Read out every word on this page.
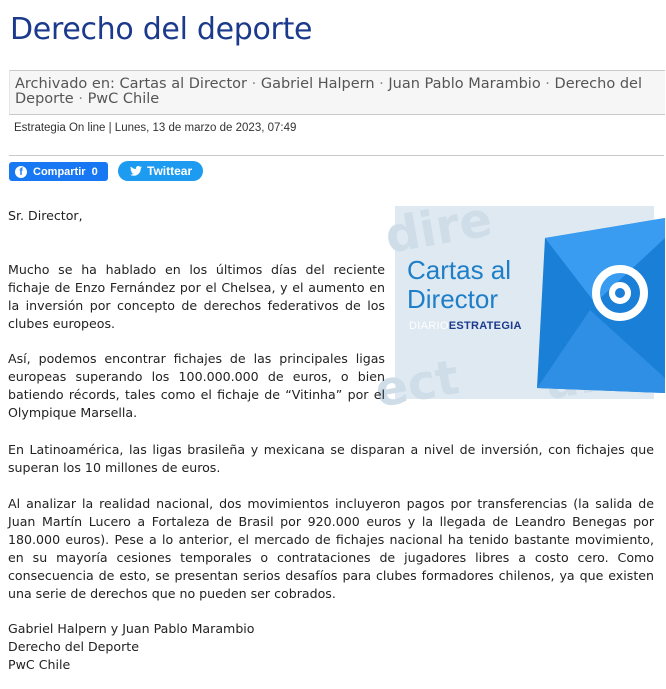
Derecho del deporte
Archivado en: Cartas al Director · Gabriel Halpern · Juan Pablo Marambio · Derecho del Deporte · PwC Chile
Estrategia On line | Lunes, 13 de marzo de 2023, 07:49
f Compartir 0	Twittear
dire
ect
Cartas al
Director
DIARIOESTRATEGIA

Sr. Director,

Mucho se ha hablado en los últimos días del reciente fichaje de Enzo Fernández por el Chelsea, y el aumento en la inversión por concepto de derechos federativos de los clubes europeos.

Así, podemos encontrar fichajes de las principales ligas europeas superando los 100.000.000 de euros, o bien batiendo récords, tales como el fichaje de “Vitinha” por el Olympique Marsella.

En Latinoamérica, las ligas brasileña y mexicana se disparan a nivel de inversión, con fichajes que superan los 10 millones de euros.

Al analizar la realidad nacional, dos movimientos incluyeron pagos por transferencias (la salida de Juan Martín Lucero a Fortaleza de Brasil por 920.000 euros y la llegada de Leandro Benegas por 180.000 euros). Pese a lo anterior, el mercado de fichajes nacional ha tenido bastante movimiento, en su mayoría cesiones temporales o contrataciones de jugadores libres a costo cero. Como consecuencia de esto, se presentan serios desafíos para clubes formadores chilenos, ya que existen una serie de derechos que no pueden ser cobrados.

Gabriel Halpern y Juan Pablo Marambio
Derecho del Deporte
PwC Chile
